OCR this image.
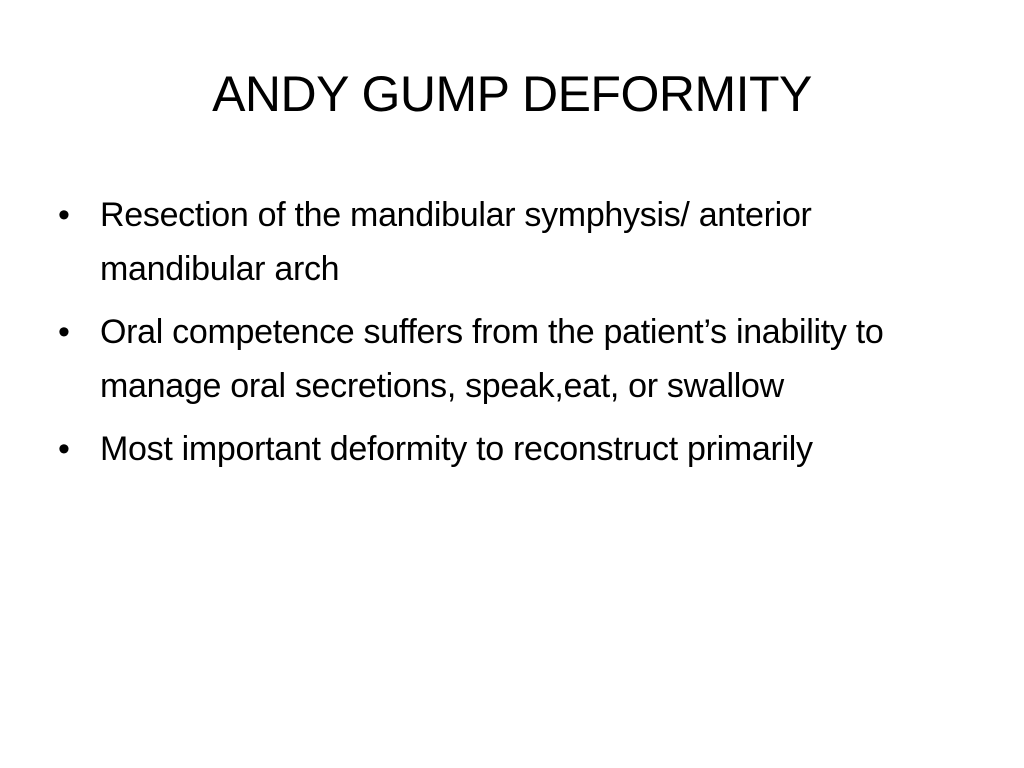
ANDY GUMP DEFORMITY
• Resection of the mandibular symphysis/ anterior mandibular arch
• Oral competence suffers from the patient’s inability to manage oral secretions, speak,eat, or swallow
• Most important deformity to reconstruct primarily
